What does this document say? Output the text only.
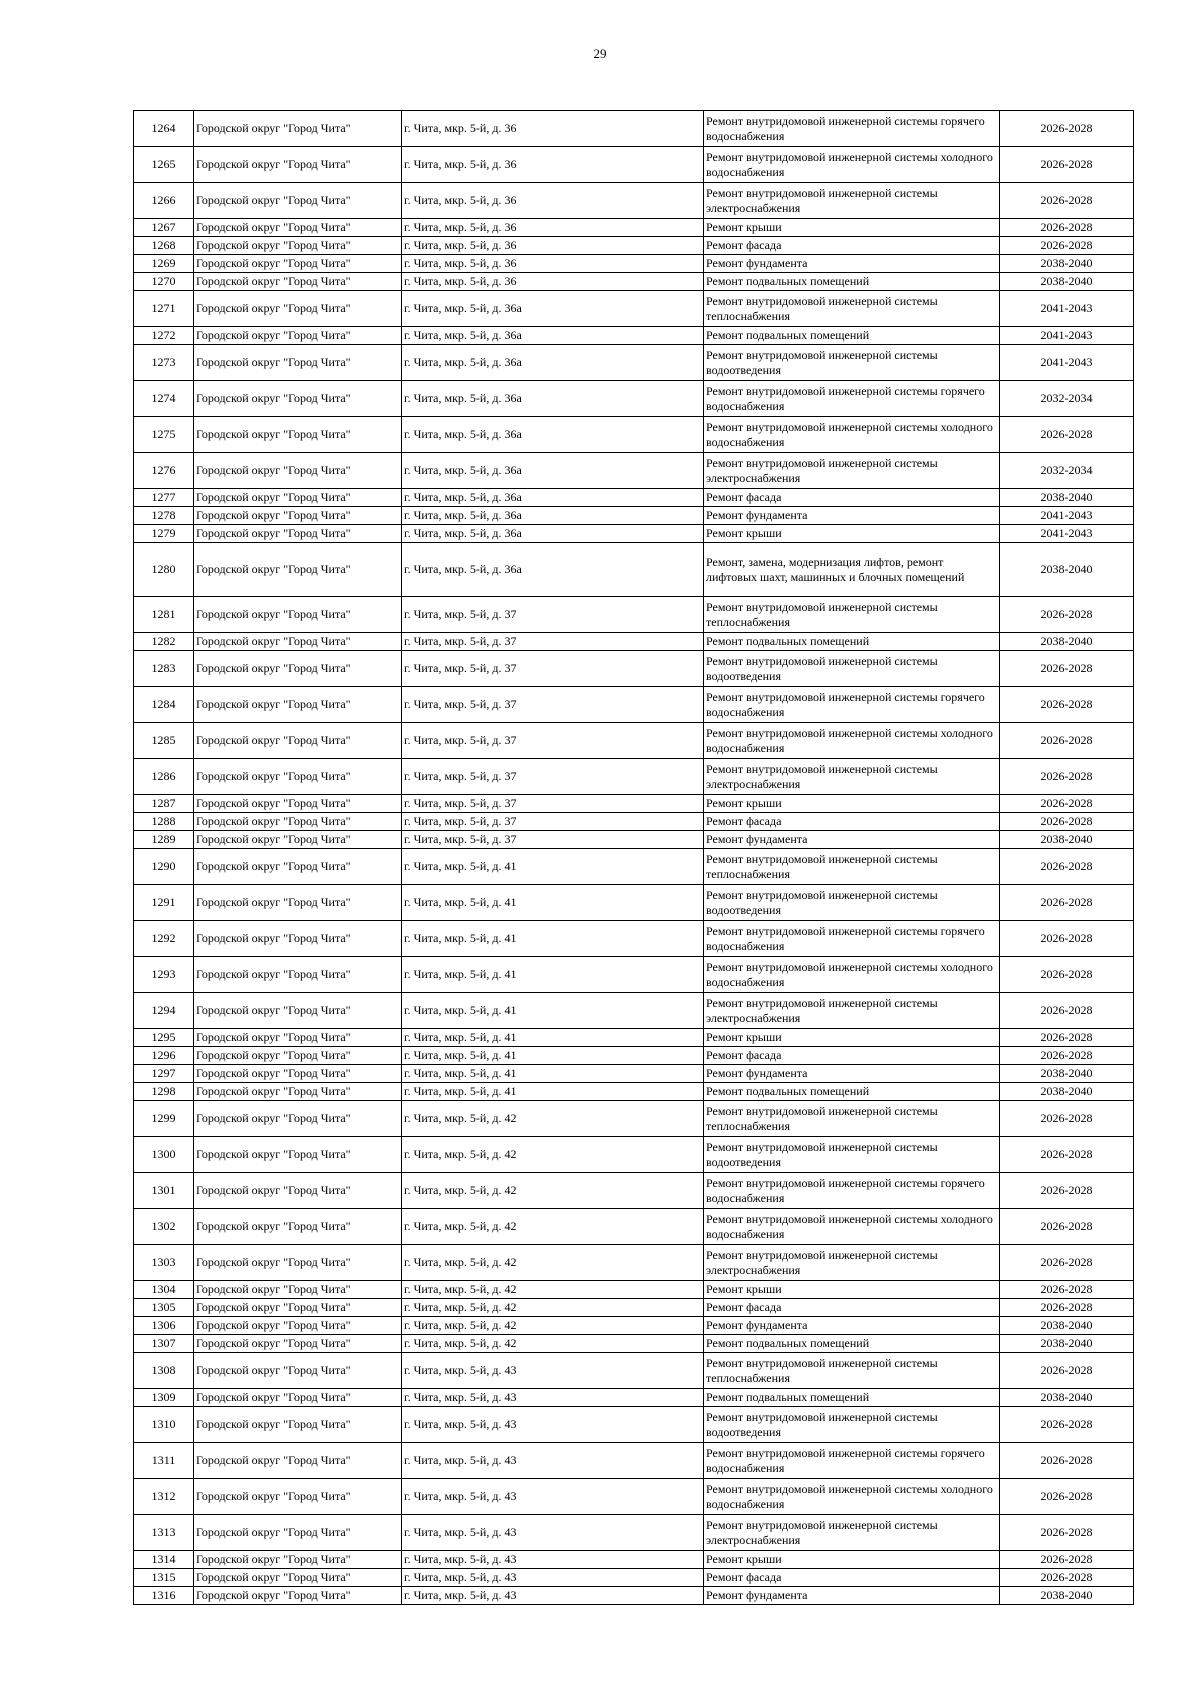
29
1264	Городской округ "Город Чита"	г. Чита, мкр. 5-й, д. 36	Ремонт внутридомовой инженерной системы горячего водоснабжения	2026-2028
1265	Городской округ "Город Чита"	г. Чита, мкр. 5-й, д. 36	Ремонт внутридомовой инженерной системы холодного водоснабжения	2026-2028
1266	Городской округ "Город Чита"	г. Чита, мкр. 5-й, д. 36	Ремонт внутридомовой инженерной системы электроснабжения	2026-2028
1267	Городской округ "Город Чита"	г. Чита, мкр. 5-й, д. 36	Ремонт крыши	2026-2028
1268	Городской округ "Город Чита"	г. Чита, мкр. 5-й, д. 36	Ремонт фасада	2026-2028
1269	Городской округ "Город Чита"	г. Чита, мкр. 5-й, д. 36	Ремонт фундамента	2038-2040
1270	Городской округ "Город Чита"	г. Чита, мкр. 5-й, д. 36	Ремонт подвальных помещений	2038-2040
1271	Городской округ "Город Чита"	г. Чита, мкр. 5-й, д. 36а	Ремонт внутридомовой инженерной системы теплоснабжения	2041-2043
1272	Городской округ "Город Чита"	г. Чита, мкр. 5-й, д. 36а	Ремонт подвальных помещений	2041-2043
1273	Городской округ "Город Чита"	г. Чита, мкр. 5-й, д. 36а	Ремонт внутридомовой инженерной системы водоотведения	2041-2043
1274	Городской округ "Город Чита"	г. Чита, мкр. 5-й, д. 36а	Ремонт внутридомовой инженерной системы горячего водоснабжения	2032-2034
1275	Городской округ "Город Чита"	г. Чита, мкр. 5-й, д. 36а	Ремонт внутридомовой инженерной системы холодного водоснабжения	2026-2028
1276	Городской округ "Город Чита"	г. Чита, мкр. 5-й, д. 36а	Ремонт внутридомовой инженерной системы электроснабжения	2032-2034
1277	Городской округ "Город Чита"	г. Чита, мкр. 5-й, д. 36а	Ремонт фасада	2038-2040
1278	Городской округ "Город Чита"	г. Чита, мкр. 5-й, д. 36а	Ремонт фундамента	2041-2043
1279	Городской округ "Город Чита"	г. Чита, мкр. 5-й, д. 36а	Ремонт крыши	2041-2043
1280	Городской округ "Город Чита"	г. Чита, мкр. 5-й, д. 36а	Ремонт, замена, модернизация лифтов, ремонт лифтовых шахт, машинных и блочных помещений	2038-2040
1281	Городской округ "Город Чита"	г. Чита, мкр. 5-й, д. 37	Ремонт внутридомовой инженерной системы теплоснабжения	2026-2028
1282	Городской округ "Город Чита"	г. Чита, мкр. 5-й, д. 37	Ремонт подвальных помещений	2038-2040
1283	Городской округ "Город Чита"	г. Чита, мкр. 5-й, д. 37	Ремонт внутридомовой инженерной системы водоотведения	2026-2028
1284	Городской округ "Город Чита"	г. Чита, мкр. 5-й, д. 37	Ремонт внутридомовой инженерной системы горячего водоснабжения	2026-2028
1285	Городской округ "Город Чита"	г. Чита, мкр. 5-й, д. 37	Ремонт внутридомовой инженерной системы холодного водоснабжения	2026-2028
1286	Городской округ "Город Чита"	г. Чита, мкр. 5-й, д. 37	Ремонт внутридомовой инженерной системы электроснабжения	2026-2028
1287	Городской округ "Город Чита"	г. Чита, мкр. 5-й, д. 37	Ремонт крыши	2026-2028
1288	Городской округ "Город Чита"	г. Чита, мкр. 5-й, д. 37	Ремонт фасада	2026-2028
1289	Городской округ "Город Чита"	г. Чита, мкр. 5-й, д. 37	Ремонт фундамента	2038-2040
1290	Городской округ "Город Чита"	г. Чита, мкр. 5-й, д. 41	Ремонт внутридомовой инженерной системы теплоснабжения	2026-2028
1291	Городской округ "Город Чита"	г. Чита, мкр. 5-й, д. 41	Ремонт внутридомовой инженерной системы водоотведения	2026-2028
1292	Городской округ "Город Чита"	г. Чита, мкр. 5-й, д. 41	Ремонт внутридомовой инженерной системы горячего водоснабжения	2026-2028
1293	Городской округ "Город Чита"	г. Чита, мкр. 5-й, д. 41	Ремонт внутридомовой инженерной системы холодного водоснабжения	2026-2028
1294	Городской округ "Город Чита"	г. Чита, мкр. 5-й, д. 41	Ремонт внутридомовой инженерной системы электроснабжения	2026-2028
1295	Городской округ "Город Чита"	г. Чита, мкр. 5-й, д. 41	Ремонт крыши	2026-2028
1296	Городской округ "Город Чита"	г. Чита, мкр. 5-й, д. 41	Ремонт фасада	2026-2028
1297	Городской округ "Город Чита"	г. Чита, мкр. 5-й, д. 41	Ремонт фундамента	2038-2040
1298	Городской округ "Город Чита"	г. Чита, мкр. 5-й, д. 41	Ремонт подвальных помещений	2038-2040
1299	Городской округ "Город Чита"	г. Чита, мкр. 5-й, д. 42	Ремонт внутридомовой инженерной системы теплоснабжения	2026-2028
1300	Городской округ "Город Чита"	г. Чита, мкр. 5-й, д. 42	Ремонт внутридомовой инженерной системы водоотведения	2026-2028
1301	Городской округ "Город Чита"	г. Чита, мкр. 5-й, д. 42	Ремонт внутридомовой инженерной системы горячего водоснабжения	2026-2028
1302	Городской округ "Город Чита"	г. Чита, мкр. 5-й, д. 42	Ремонт внутридомовой инженерной системы холодного водоснабжения	2026-2028
1303	Городской округ "Город Чита"	г. Чита, мкр. 5-й, д. 42	Ремонт внутридомовой инженерной системы электроснабжения	2026-2028
1304	Городской округ "Город Чита"	г. Чита, мкр. 5-й, д. 42	Ремонт крыши	2026-2028
1305	Городской округ "Город Чита"	г. Чита, мкр. 5-й, д. 42	Ремонт фасада	2026-2028
1306	Городской округ "Город Чита"	г. Чита, мкр. 5-й, д. 42	Ремонт фундамента	2038-2040
1307	Городской округ "Город Чита"	г. Чита, мкр. 5-й, д. 42	Ремонт подвальных помещений	2038-2040
1308	Городской округ "Город Чита"	г. Чита, мкр. 5-й, д. 43	Ремонт внутридомовой инженерной системы теплоснабжения	2026-2028
1309	Городской округ "Город Чита"	г. Чита, мкр. 5-й, д. 43	Ремонт подвальных помещений	2038-2040
1310	Городской округ "Город Чита"	г. Чита, мкр. 5-й, д. 43	Ремонт внутридомовой инженерной системы водоотведения	2026-2028
1311	Городской округ "Город Чита"	г. Чита, мкр. 5-й, д. 43	Ремонт внутридомовой инженерной системы горячего водоснабжения	2026-2028
1312	Городской округ "Город Чита"	г. Чита, мкр. 5-й, д. 43	Ремонт внутридомовой инженерной системы холодного водоснабжения	2026-2028
1313	Городской округ "Город Чита"	г. Чита, мкр. 5-й, д. 43	Ремонт внутридомовой инженерной системы электроснабжения	2026-2028
1314	Городской округ "Город Чита"	г. Чита, мкр. 5-й, д. 43	Ремонт крыши	2026-2028
1315	Городской округ "Город Чита"	г. Чита, мкр. 5-й, д. 43	Ремонт фасада	2026-2028
1316	Городской округ "Город Чита"	г. Чита, мкр. 5-й, д. 43	Ремонт фундамента	2038-2040
